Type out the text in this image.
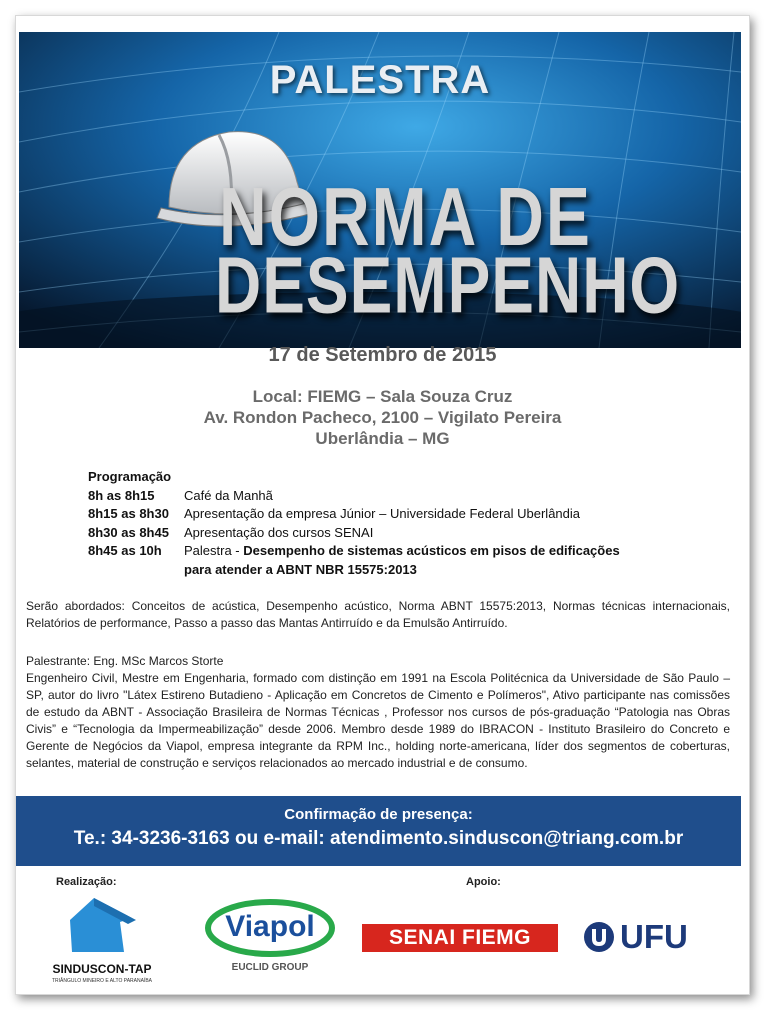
PALESTRA
NORMA DE
DESEMPENHO
17 de Setembro de 2015
Local: FIEMG – Sala Souza Cruz
Av. Rondon Pacheco, 2100 – Vigilato Pereira
Uberlândia – MG
Programação
8h as 8h15	Café da Manhã
8h15 as 8h30	Apresentação da empresa Júnior – Universidade Federal Uberlândia
8h30 as 8h45	Apresentação dos cursos SENAI
8h45 as 10h	Palestra - Desempenho de sistemas acústicos em pisos de edificações
para atender a ABNT NBR 15575:2013
Serão abordados: Conceitos de acústica, Desempenho acústico, Norma ABNT 15575:2013, Normas técnicas internacionais, Relatórios de performance, Passo a passo das Mantas Antirruído e da Emulsão Antirruído.
Palestrante: Eng. MSc Marcos Storte
Engenheiro Civil, Mestre em Engenharia, formado com distinção em 1991 na Escola Politécnica da Universidade de São Paulo – SP, autor do livro "Látex Estireno Butadieno - Aplicação em Concretos de Cimento e Polímeros", Ativo participante nas comissões de estudo da ABNT - Associação Brasileira de Normas Técnicas , Professor nos cursos de pós-graduação “Patologia nas Obras Civis” e “Tecnologia da Impermeabilização” desde 2006. Membro desde 1989 do IBRACON - Instituto Brasileiro do Concreto e Gerente de Negócios da Viapol, empresa integrante da RPM Inc., holding norte-americana, líder dos segmentos de coberturas, selantes, material de construção e serviços relacionados ao mercado industrial e de consumo.
Confirmação de presença:
Te.: 34-3236-3163 ou e-mail: atendimento.sinduscon@triang.com.br
Realização:	Apoio:
SINDUSCON-TAP
TRIÂNGULO MINEIRO E ALTO PARANAÍBA
Viapol
EUCLID GROUP
SENAI FIEMG	UFU
